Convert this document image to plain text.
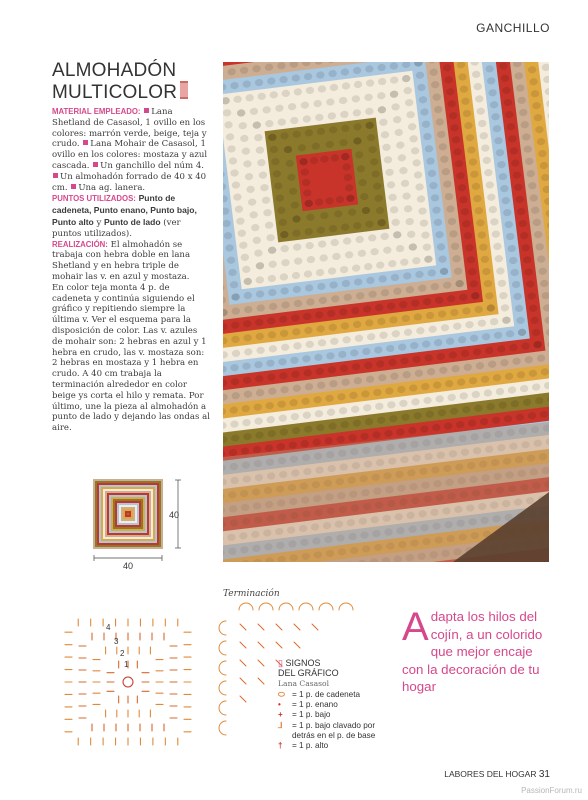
GANCHILLO
ALMOHADÓN
MULTICOLOR

MATERIAL EMPLEADO: Lana Shetland de Casasol, 1 ovillo en los colores: marrón verde, beige, teja y crudo. Lana Mohair de Casasol, 1 ovillo en los colores: mostaza y azul cascada. Un ganchillo del núm 4. Un almohadón forrado de 40 x 40 cm. Una ag. lanera.

PUNTOS UTILIZADOS: Punto de cadeneta, Punto enano, Punto bajo, Punto alto y Punto de lado (ver puntos utilizados).

REALIZACIÓN: El almohadón se trabaja con hebra doble en lana Shetland y en hebra triple de mohair las v. en azul y mostaza.

En color teja monta 4 p. de cadeneta y continúa siguiendo el gráfico y repitiendo siempre la última v. Ver el esquema para la disposición de color. Las v. azules de mohair son: 2 hebras en azul y 1 hebra en crudo, las v. mostaza son: 2 hebras en mostaza y 1 hebra en crudo. A 40 cm trabaja la terminación alrededor en color beige ys corta el hilo y remata. Por último, une la pieza al almohadón a punto de lado y dejando las ondas al aire.

40
40
4
3
2
1
Terminación
▯ SIGNOS
DEL GRÁFICO
Lana Casasol
⬭ = 1 p. de cadeneta
•	= 1 p. enano
+	= 1 p. bajo
⅃	= 1 p. bajo clavado por detrás en el p. de base
†	= 1 p. alto
Adapta los hilos del cojín, a un colorido que mejor encaje con la decoración de tu hogar
LABORES DEL HOGAR 31
PassionForum.ru
